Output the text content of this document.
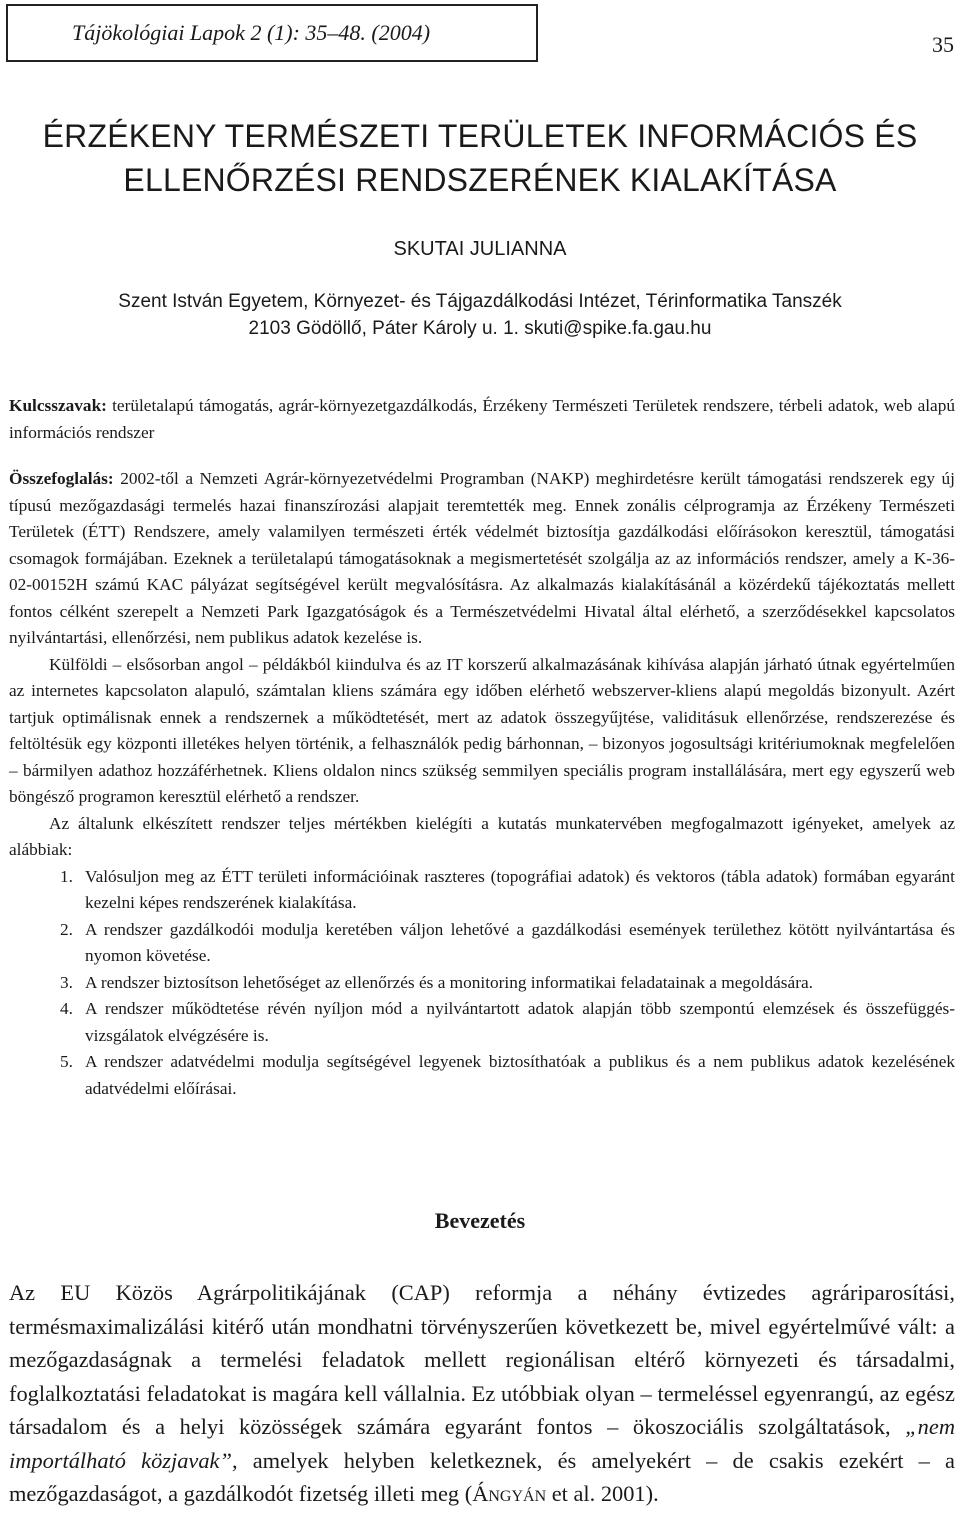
Tájökológiai Lapok 2 (1): 35–48. (2004)	35
ÉRZÉKENY TERMÉSZETI TERÜLETEK INFORMÁCIÓS ÉS
ELLENŐRZÉSI RENDSZERÉNEK KIALAKÍTÁSA
SKUTAI JULIANNA
Szent István Egyetem, Környezet- és Tájgazdálkodási Intézet, Térinformatika Tanszék
2103 Gödöllő, Páter Károly u. 1. skuti@spike.fa.gau.hu
Kulcsszavak: területalapú támogatás, agrár-környezetgazdálkodás, Érzékeny Természeti Területek rendszere, térbeli adatok, web alapú információs rendszer

Összefoglalás: 2002-től a Nemzeti Agrár-környezetvédelmi Programban (NAKP) meghirdetésre került támogatási rendszerek egy új típusú mezőgazdasági termelés hazai finanszírozási alapjait teremtették meg. Ennek zonális célprogramja az Érzékeny Természeti Területek (ÉTT) Rendszere, amely valamilyen természeti érték védelmét biztosítja gazdálkodási előírásokon keresztül, támogatási csomagok formájában. Ezeknek a területalapú támogatásoknak a megismertetését szolgálja az az információs rendszer, amely a K-36-02-00152H számú KAC pályázat segítségével került megvalósításra. Az alkalmazás kialakításánál a közérdekű tájékoztatás mellett fontos célként szerepelt a Nemzeti Park Igazgatóságok és a Természetvédelmi Hivatal által elérhető, a szerződésekkel kapcsolatos nyilvántartási, ellenőrzési, nem publikus adatok kezelése is.

Külföldi – elsősorban angol – példákból kiindulva és az IT korszerű alkalmazásának kihívása alapján járható útnak egyértelműen az internetes kapcsolaton alapuló, számtalan kliens számára egy időben elérhető webszerver-kliens alapú megoldás bizonyult. Azért tartjuk optimálisnak ennek a rendszernek a működtetését, mert az adatok összegyűjtése, validitásuk ellenőrzése, rendszerezése és feltöltésük egy központi illetékes helyen történik, a felhasználók pedig bárhonnan, – bizonyos jogosultsági kritériumoknak megfelelően – bármilyen adathoz hozzáférhetnek. Kliens oldalon nincs szükség semmilyen speciális program installálására, mert egy egyszerű web böngésző programon keresztül elérhető a rendszer.

Az általunk elkészített rendszer teljes mértékben kielégíti a kutatás munkatervében megfogalmazott igényeket, amelyek az alábbiak:

1. Valósuljon meg az ÉTT területi információinak raszteres (topográfiai adatok) és vektoros (tábla adatok) formában egyaránt kezelni képes rendszerének kialakítása.
2. A rendszer gazdálkodói modulja keretében váljon lehetővé a gazdálkodási események területhez kötött nyilvántartása és nyomon követése.
3. A rendszer biztosítson lehetőséget az ellenőrzés és a monitoring informatikai feladatainak a megoldására.
4. A rendszer működtetése révén nyíljon mód a nyilvántartott adatok alapján több szempontú elemzések és összefüggés-vizsgálatok elvégzésére is.
5. A rendszer adatvédelmi modulja segítségével legyenek biztosíthatóak a publikus és a nem publikus adatok kezelésének adatvédelmi előírásai.
Bevezetés
Az EU Közös Agrárpolitikájának (CAP) reformja a néhány évtizedes agráriparosítási, termésmaximalizálási kitérő után mondhatni törvényszerűen következett be, mivel egyértelművé vált: a mezőgazdaságnak a termelési feladatok mellett regionálisan eltérő környezeti és társadalmi, foglalkoztatási feladatokat is magára kell vállalnia. Ez utóbbiak olyan – termeléssel egyenrangú, az egész társadalom és a helyi közösségek számára egyaránt fontos – ökoszociális szolgáltatások, „nem importálható közjavak”, amelyek helyben keletkeznek, és amelyekért – de csakis ezekért – a mezőgazdaságot, a gazdálkodót fizetség illeti meg (Ángyán et al. 2001).
